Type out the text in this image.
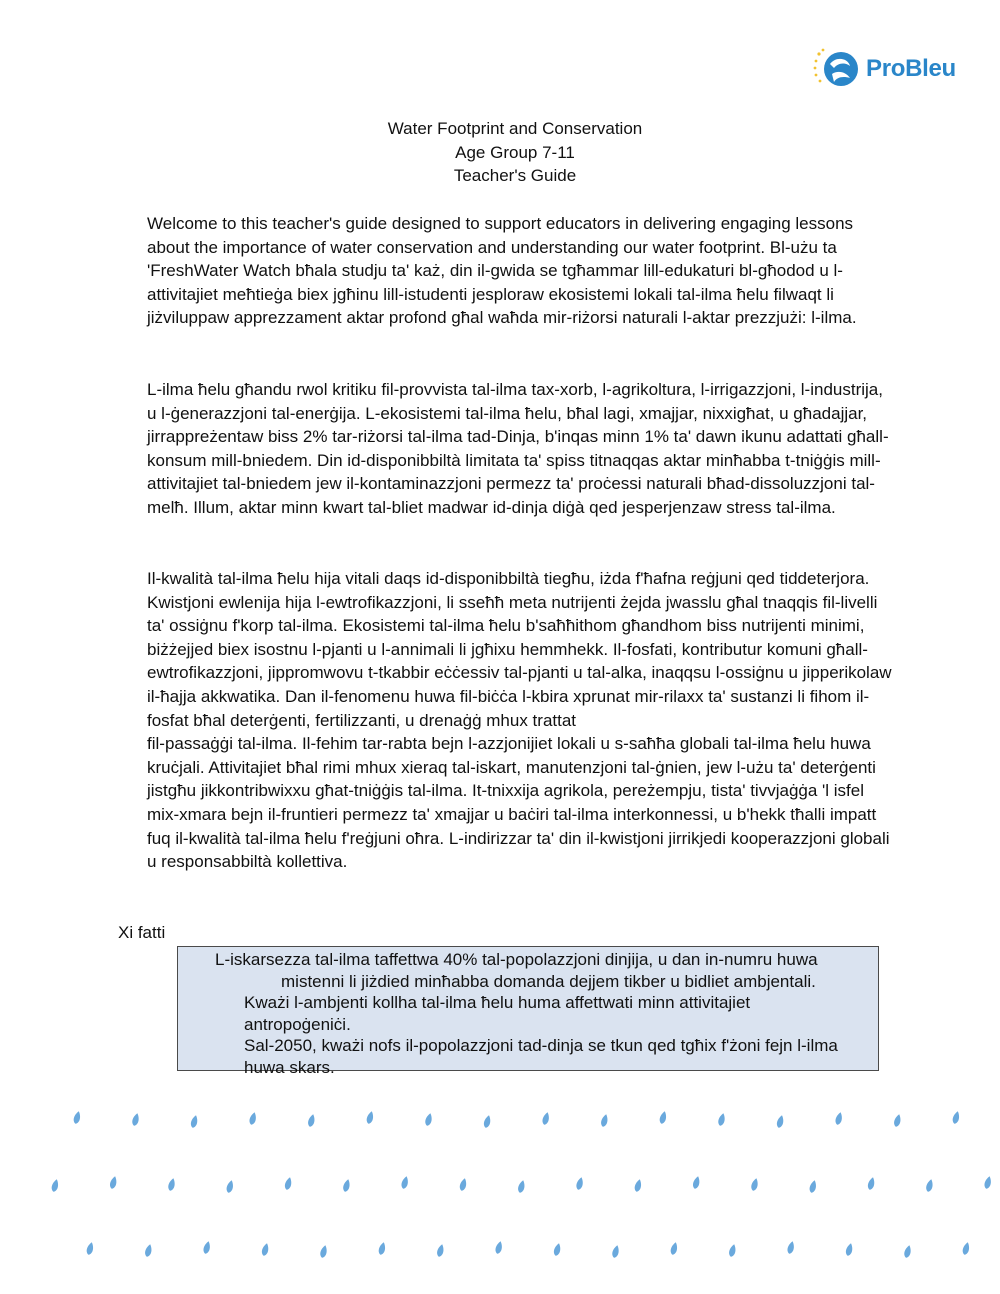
ProBleu
Water Footprint and Conservation
Age Group 7-11
Teacher's Guide

Welcome to this teacher's guide designed to support educators in delivering engaging lessons about the importance of water conservation and understanding our water footprint. Bl-użu ta 'FreshWater Watch bħala studju ta' każ, din il-gwida se tgħammar lill-edukaturi bl-għodod u l-attivitajiet meħtieġa biex jgħinu lill-istudenti jesploraw ekosistemi lokali tal-ilma ħelu filwaqt li jiżviluppaw apprezzament aktar profond għal waħda mir-riżorsi naturali l-aktar prezzjużi: l-ilma.

L-ilma ħelu għandu rwol kritiku fil-provvista tal-ilma tax-xorb, l-agrikoltura, l-irrigazzjoni, l-industrija, u l-ġenerazzjoni tal-enerġija. L-ekosistemi tal-ilma ħelu, bħal lagi, xmajjar, nixxigħat, u għadajjar, jirrappreżentaw biss 2% tar-riżorsi tal-ilma tad-Dinja, b'inqas minn 1% ta' dawn ikunu adattati għall-konsum mill-bniedem. Din id-disponibbiltà limitata ta' spiss titnaqqas aktar minħabba t-tniġġis mill-attivitajiet tal-bniedem jew il-kontaminazzjoni permezz ta' proċessi naturali bħad-dissoluzzjoni tal-melħ. Illum, aktar minn kwart tal-bliet madwar id-dinja diġà qed jesperjenzaw stress tal-ilma.

Il-kwalità tal-ilma ħelu hija vitali daqs id-disponibbiltà tiegħu, iżda f'ħafna reġjuni qed tiddeterjora. Kwistjoni ewlenija hija l-ewtrofikazzjoni, li sseħħ meta nutrijenti żejda jwasslu għal tnaqqis fil-livelli ta' ossiġnu f'korp tal-ilma. Ekosistemi tal-ilma ħelu b'saħħithom għandhom biss nutrijenti minimi, biżżejjed biex isostnu l-pjanti u l-annimali li jgħixu hemmhekk. Il-fosfati, kontributur komuni għall-ewtrofikazzjoni, jippromwovu t-tkabbir eċċessiv tal-pjanti u tal-alka, inaqqsu l-ossiġnu u jipperikolaw il-ħajja akkwatika. Dan il-fenomenu huwa fil-biċċa l-kbira xprunat mir-rilaxx ta' sustanzi li fihom il-fosfat bħal deterġenti, fertilizzanti, u drenaġġ mhux trattat

fil-passaġġi tal-ilma. Il-fehim tar-rabta bejn l-azzjonijiet lokali u s-saħħa globali tal-ilma ħelu huwa kruċjali. Attivitajiet bħal rimi mhux xieraq tal-iskart, manutenzjoni tal-ġnien, jew l-użu ta' deterġenti jistgħu jikkontribwixxu għat-tniġġis tal-ilma. It-tnixxija agrikola, pereżempju, tista' tivvjaġġa 'l isfel mix-xmara bejn il-fruntieri permezz ta' xmajjar u baċiri tal-ilma interkonnessi, u b'hekk tħalli impatt fuq il-kwalità tal-ilma ħelu f'reġjuni oħra. L-indirizzar ta' din il-kwistjoni jirrikjedi kooperazzjoni globali u responsabbiltà kollettiva.

Xi fatti
L-iskarsezza tal-ilma taffettwa 40% tal-popolazzjoni dinjija, u dan in-numru huwa
mistenni li jiżdied minħabba domanda dejjem tikber u bidliet ambjentali.
Kważi l-ambjenti kollha tal-ilma ħelu huma affettwati minn attivitajiet
antropoġeniċi.
Sal-2050, kważi nofs il-popolazzjoni tad-dinja se tkun qed tgħix f'żoni fejn l-ilma
huwa skars.
